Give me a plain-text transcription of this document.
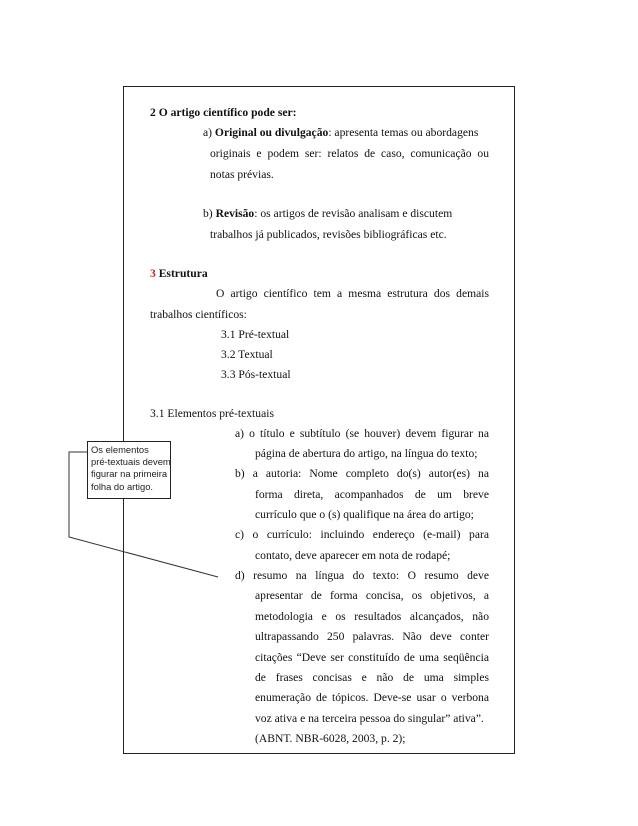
2 O artigo científico pode ser:
a) Original ou divulgação: apresenta temas ou abordagens
originais e podem ser: relatos de caso, comunicação ou
notas prévias.
b) Revisão: os artigos de revisão analisam e discutem
trabalhos já publicados, revisões bibliográficas etc.
3 Estrutura
O artigo científico tem a mesma estrutura dos demais
trabalhos científicos:
3.1 Pré-textual
3.2 Textual
3.3 Pós-textual
3.1 Elementos pré-textuais
a) o título e subtítulo (se houver) devem figurar na
página de abertura do artigo, na língua do texto;
b) a autoria: Nome completo do(s) autor(es) na
forma direta, acompanhados de um breve
currículo que o (s) qualifique na área do artigo;
c) o currículo: incluindo endereço (e-mail) para
contato, deve aparecer em nota de rodapé;
d) resumo na língua do texto: O resumo deve
apresentar de forma concisa, os objetivos, a
metodologia e os resultados alcançados, não
ultrapassando 250 palavras. Não deve conter
citações “Deve ser constituído de uma seqüência
de frases concisas e não de uma simples
enumeração de tópicos. Deve-se usar o verbona
voz ativa e na terceira pessoa do singular” ativa”.
(ABNT. NBR-6028, 2003, p. 2);
Os elementos
pré-textuais devem
figurar na primeira
folha do artigo.
